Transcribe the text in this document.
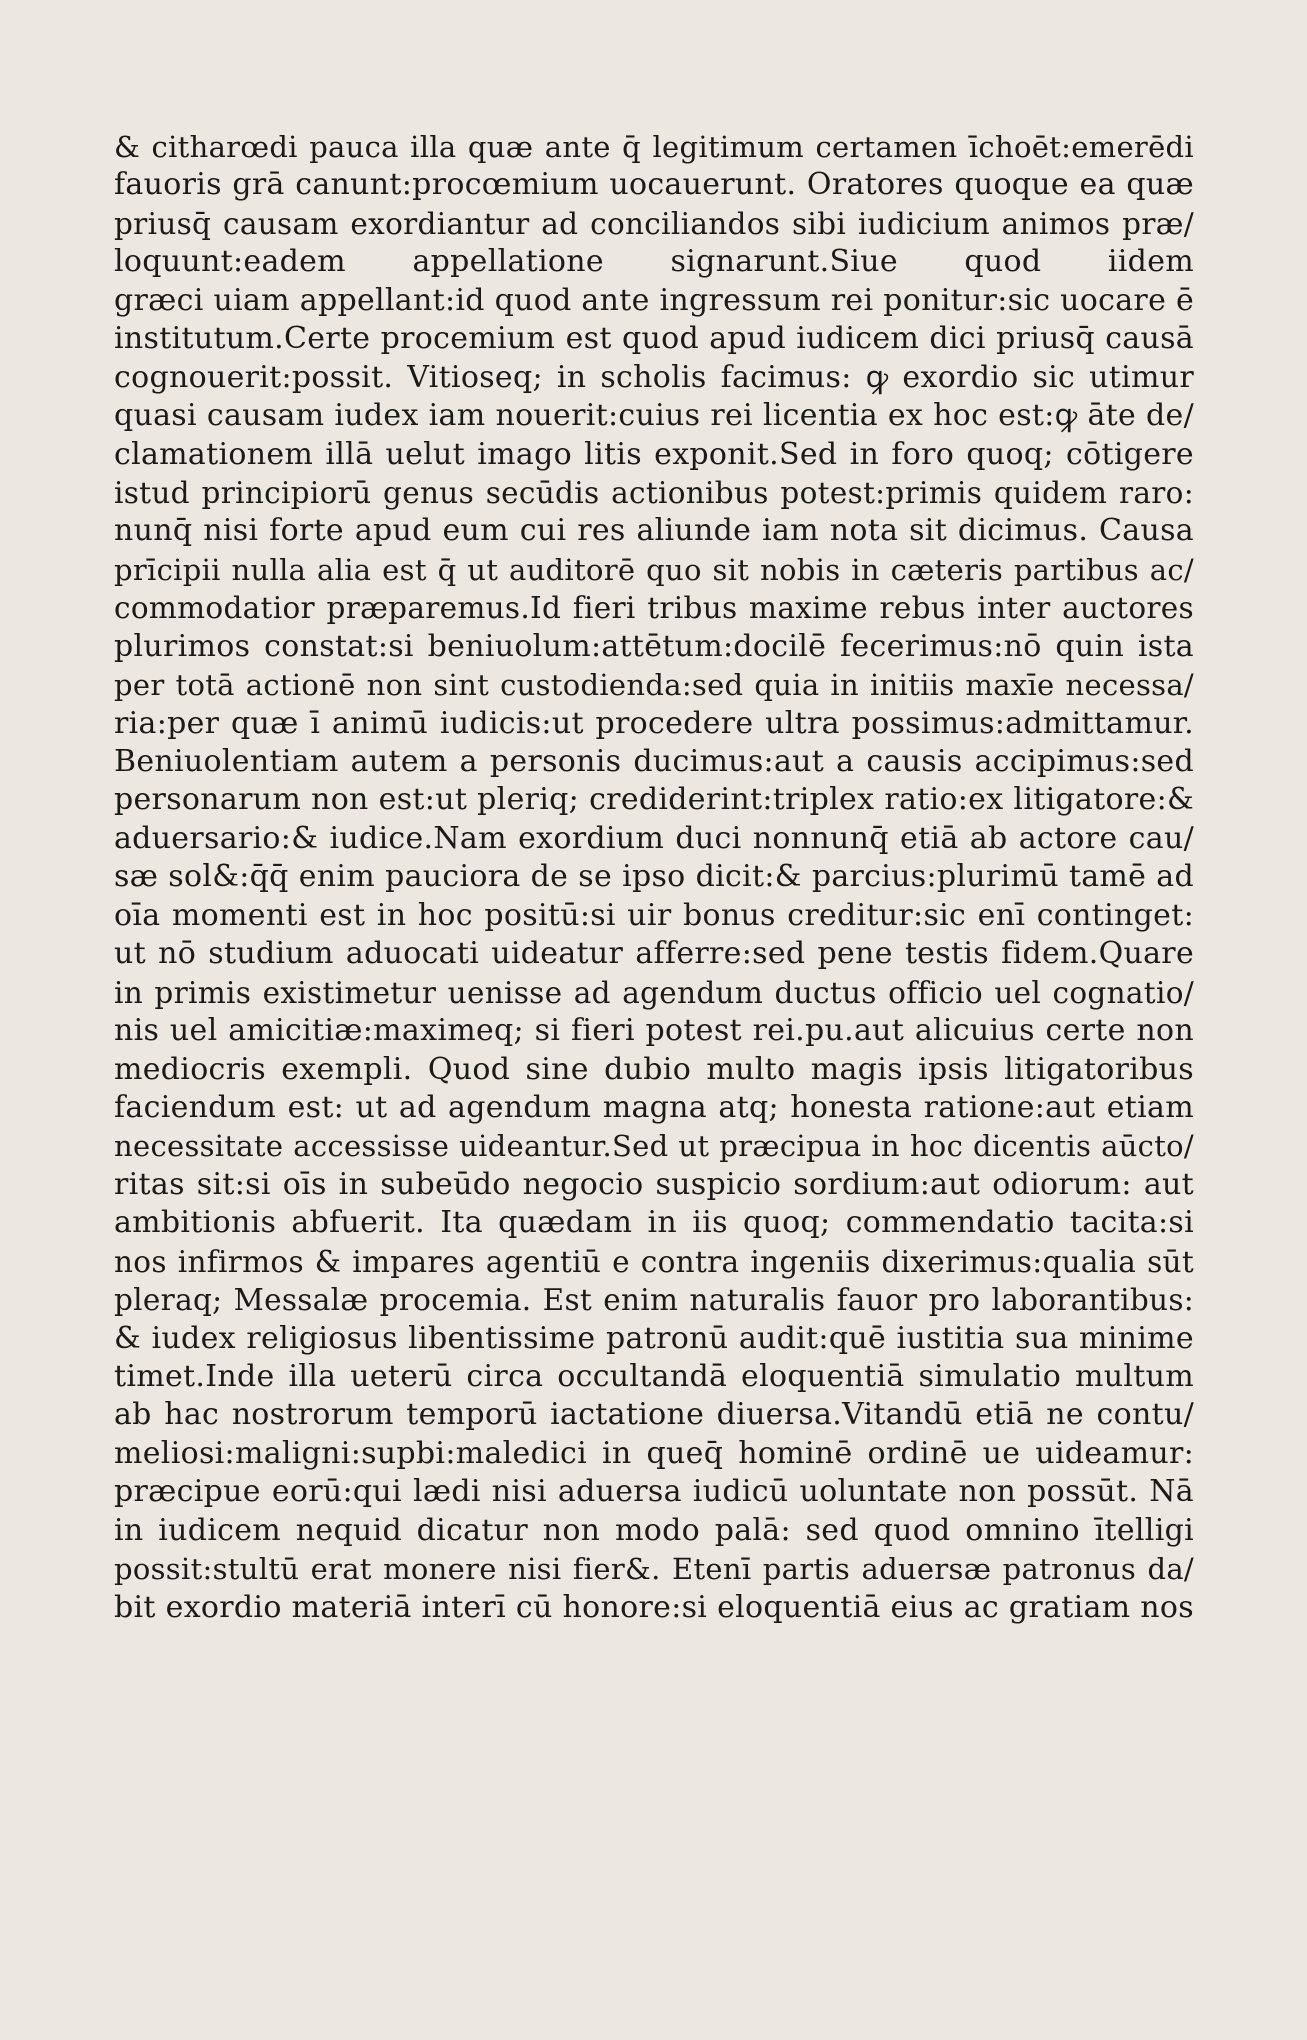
& citharœdi pauca illa quæ ante q̄ legitimum certamen īchoēt:emerēdi
fauoris grā canunt:procœmium uocauerunt. Oratores quoque ea quæ
priusq̄ causam exordiantur ad conciliandos sibi iudicium animos præ/
loquunt:eadem appellatione signarunt.Siue quod iidem
græci uiam appellant:id quod ante ingressum rei ponitur:sic uocare ē
institutum.Certe procemium est quod apud iudicem dici priusq̄ causā
cognouerit:possit. Vitioseq; in scholis facimus: ꝙ exordio sic utimur
quasi causam iudex iam nouerit:cuius rei licentia ex hoc est:ꝙ āte de/
clamationem illā uelut imago litis exponit.Sed in foro quoq; cōtigere
istud principiorū genus secūdis actionibus potest:primis quidem raro:
nunq̄ nisi forte apud eum cui res aliunde iam nota sit dicimus. Causa
prīcipii nulla alia est q̄ ut auditorē quo sit nobis in cæteris partibus ac/
commodatior præparemus.Id fieri tribus maxime rebus inter auctores
plurimos constat:si beniuolum:attētum:docilē fecerimus:nō quin ista
per totā actionē non sint custodienda:sed quia in initiis maxīe necessa/
ria:per quæ ī animū iudicis:ut procedere ultra possimus:admittamur.
Beniuolentiam autem a personis ducimus:aut a causis accipimus:sed
personarum non est:ut pleriq; crediderint:triplex ratio:ex litigatore:&
aduersario:& iudice.Nam exordium duci nonnunq̄ etiā ab actore cau/
sæ sol&:q̄q̄ enim pauciora de se ipso dicit:& parcius:plurimū tamē ad
oīa momenti est in hoc positū:si uir bonus creditur:sic enī continget:
ut nō studium aduocati uideatur afferre:sed pene testis fidem.Quare
in primis existimetur uenisse ad agendum ductus officio uel cognatio/
nis uel amicitiæ:maximeq; si fieri potest rei.pu.aut alicuius certe non
mediocris exempli. Quod sine dubio multo magis ipsis litigatoribus
faciendum est: ut ad agendum magna atq; honesta ratione:aut etiam
necessitate accessisse uideantur.Sed ut præcipua in hoc dicentis aūcto/
ritas sit:si oīs in subeūdo negocio suspicio sordium:aut odiorum: aut
ambitionis abfuerit. Ita quædam in iis quoq; commendatio tacita:si
nos infirmos & impares agentiū e contra ingeniis dixerimus:qualia sūt
pleraq; Messalæ procemia. Est enim naturalis fauor pro laborantibus:
& iudex religiosus libentissime patronū audit:quē iustitia sua minime
timet.Inde illa ueterū circa occultandā eloquentiā simulatio multum
ab hac nostrorum temporū iactatione diuersa.Vitandū etiā ne contu/
meliosi:maligni:supbi:maledici in queq̄ hominē ordinē ue uideamur:
præcipue eorū:qui lædi nisi aduersa iudicū uoluntate non possūt. Nā
in iudicem nequid dicatur non modo palā: sed quod omnino ītelligi
possit:stultū erat monere nisi fier&. Etenī partis aduersæ patronus da/
bit exordio materiā interī cū honore:si eloquentiā eius ac gratiam nos
